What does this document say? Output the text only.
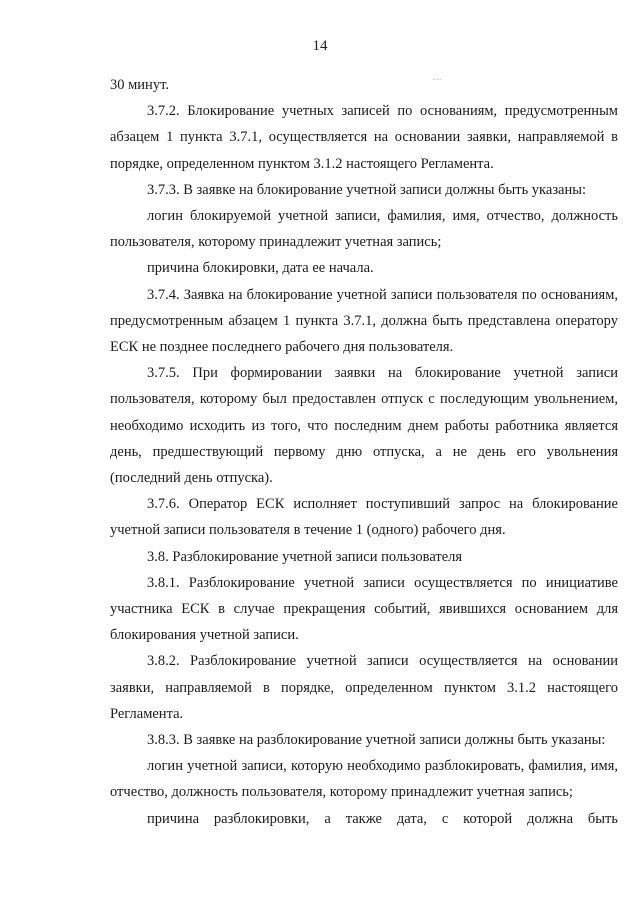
14

30 минут.

3.7.2. Блокирование учетных записей по основаниям, предусмотренным абзацем 1 пункта 3.7.1, осуществляется на основании заявки, направляемой в порядке, определенном пунктом 3.1.2 настоящего Регламента.

3.7.3. В заявке на блокирование учетной записи должны быть указаны:

логин блокируемой учетной записи, фамилия, имя, отчество, должность пользователя, которому принадлежит учетная запись;

причина блокировки, дата ее начала.

3.7.4. Заявка на блокирование учетной записи пользователя по основаниям, предусмотренным абзацем 1 пункта 3.7.1, должна быть представлена оператору ЕСК не позднее последнего рабочего дня пользователя.

3.7.5. При формировании заявки на блокирование учетной записи пользователя, которому был предоставлен отпуск с последующим увольнением, необходимо исходить из того, что последним днем работы работника является день, предшествующий первому дню отпуска, а не день его увольнения (последний день отпуска).

3.7.6. Оператор ЕСК исполняет поступивший запрос на блокирование учетной записи пользователя в течение 1 (одного) рабочего дня.

3.8. Разблокирование учетной записи пользователя

3.8.1. Разблокирование учетной записи осуществляется по инициативе участника ЕСК в случае прекращения событий, явившихся основанием для блокирования учетной записи.

3.8.2. Разблокирование учетной записи осуществляется на основании заявки, направляемой в порядке, определенном пунктом 3.1.2 настоящего Регламента.

3.8.3. В заявке на разблокирование учетной записи должны быть указаны:

логин учетной записи, которую необходимо разблокировать, фамилия, имя, отчество, должность пользователя, которому принадлежит учетная запись;

причина разблокировки, а также дата, с которой должна быть
